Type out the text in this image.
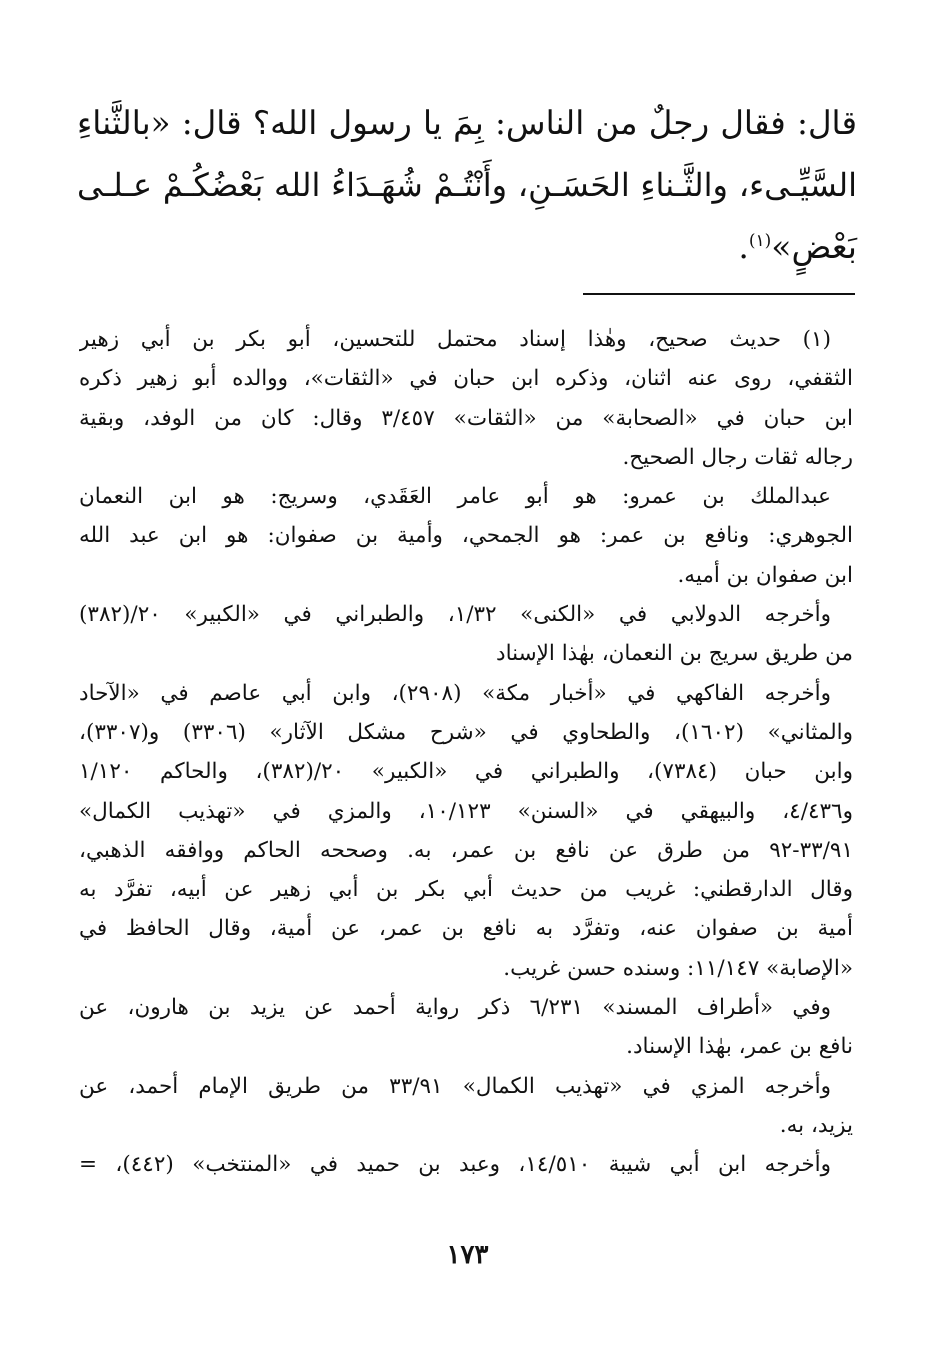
قال: فقال رجلٌ من الناس: بِمَ يا رسول الله؟ قال: «بالثَّناءِ
السَّيِّـىء، والثَّـناءِ الحَسَـنِ، وأَنْتُـمْ شُهَـدَاءُ الله بَعْضُكُـمْ عـلـى
بَعْضٍ»$^{(١)}$.
(١) حديث صحيح، وهٰذا إسناد محتمل للتحسين، أبو بكر بن أبي زهير
الثقفي، روى عنه اثنان، وذكره ابن حبان في «الثقات»، ووالده أبو زهير ذكره
ابن حبان في «الصحابة» من «الثقات» ٣/٤٥٧ وقال: كان من الوفد، وبقية
رجاله ثقات رجال الصحيح.
عبدالملك بن عمرو: هو أبو عامر العَقَدي، وسريج: هو ابن النعمان
الجوهري: ونافع بن عمر: هو الجمحي، وأمية بن صفوان: هو ابن عبد الله
ابن صفوان بن أميه.
وأخرجه الدولابي في «الكنى» ١/٣٢، والطبراني في «الكبير» ٢٠/(٣٨٢)
من طريق سريج بن النعمان، بهٰذا الإسناد
وأخرجه الفاكهي في «أخبار مكة» (٢٩٠٨)، وابن أبي عاصم في «الآحاد
والمثاني» (١٦٠٢)، والطحاوي في «شرح مشكل الآثار» (٣٣٠٦) و(٣٣٠٧)،
وابن حبان (٧٣٨٤)، والطبراني في «الكبير» ٢٠/(٣٨٢)، والحاكم ١/١٢٠
و٤/٤٣٦، والبيهقي في «السنن» ١٠/١٢٣، والمزي في «تهذيب الكمال»
٣٣/٩١-٩٢ من طرق عن نافع بن عمر، به. وصححه الحاكم ووافقه الذهبي،
وقال الدارقطني: غريب من حديث أبي بكر بن أبي زهير عن أبيه، تفرَّد به
أمية بن صفوان عنه، وتفرَّد به نافع بن عمر، عن أمية، وقال الحافظ في
«الإصابة» ١١/١٤٧: وسنده حسن غريب.
وفي «أطراف المسند» ٦/٢٣١ ذكر رواية أحمد عن يزيد بن هارون، عن
نافع بن عمر، بهٰذا الإسناد.
وأخرجه المزي في «تهذيب الكمال» ٣٣/٩١ من طريق الإمام أحمد، عن
يزيد، به.
وأخرجه ابن أبي شيبة ١٤/٥١٠، وعبد بن حميد في «المنتخب» (٤٤٢)، =
١٧٣
